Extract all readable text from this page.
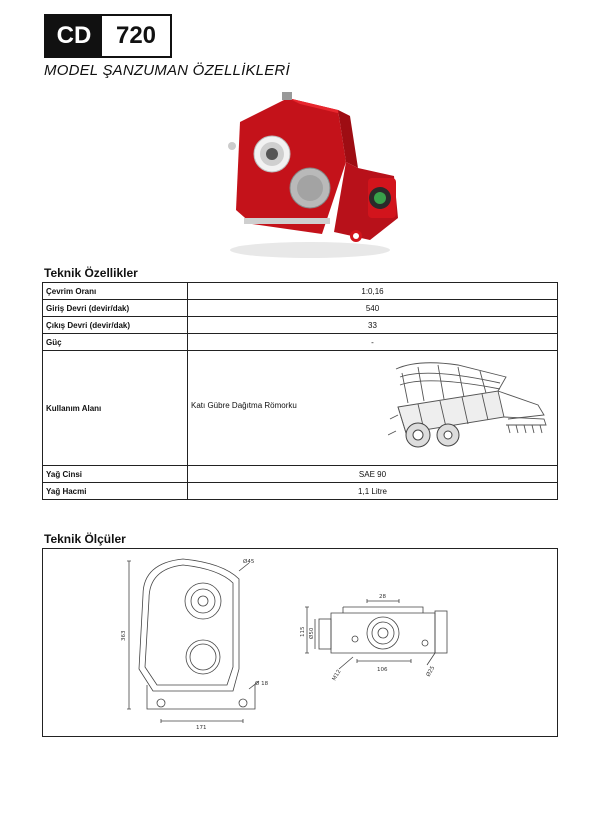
CD	720
MODEL ŞANZUMAN ÖZELLİKLERİ
Teknik Özellikler
Çevrim Oranı	1:0,16
Giriş Devri (devir/dak)	540
Çıkış Devri (devir/dak)	33
Güç	-
Kullanım Alanı	Katı Gübre Dağıtma Römorku

Yağ Cinsi	SAE 90
Yağ Hacmi	1,1 Litre
Teknik Ölçüler
Ø45
363
Ø 18
171
28
115 Ø50
M12	106	Ø25
